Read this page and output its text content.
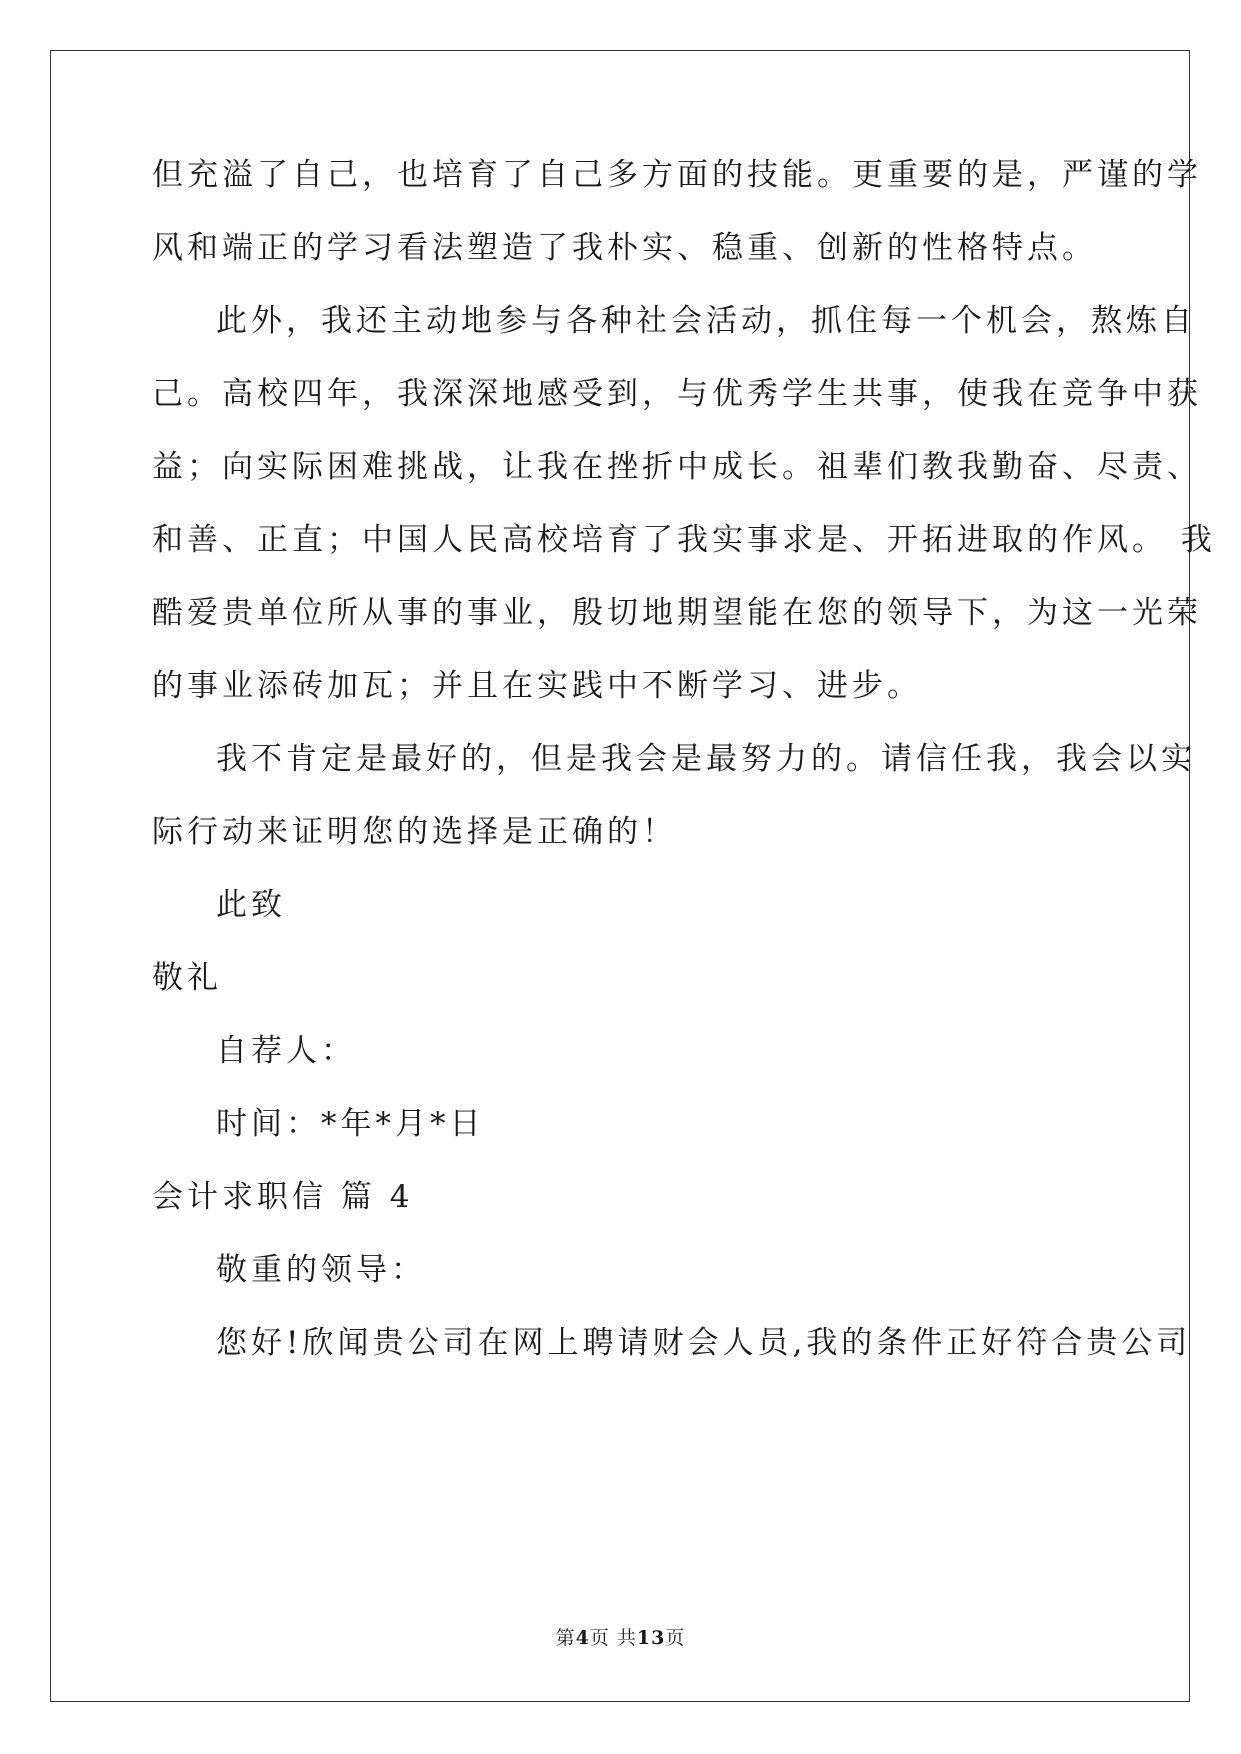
但充溢了自己，也培育了自己多方面的技能。更重要的是，严谨的学
风和端正的学习看法塑造了我朴实、稳重、创新的性格特点。
此外，我还主动地参与各种社会活动，抓住每一个机会，熬炼自
己。高校四年，我深深地感受到，与优秀学生共事，使我在竞争中获
益；向实际困难挑战，让我在挫折中成长。祖辈们教我勤奋、尽责、
和善、正直；中国人民高校培育了我实事求是、开拓进取的作风。 我
酷爱贵单位所从事的事业，殷切地期望能在您的领导下，为这一光荣
的事业添砖加瓦；并且在实践中不断学习、进步。
我不肯定是最好的，但是我会是最努力的。请信任我，我会以实
际行动来证明您的选择是正确的！
此致
敬礼
自荐人：
时间：*年*月*日
会计求职信 篇 4
敬重的领导：
您好!欣闻贵公司在网上聘请财会人员,我的条件正好符合贵公司
第4页 共13页
